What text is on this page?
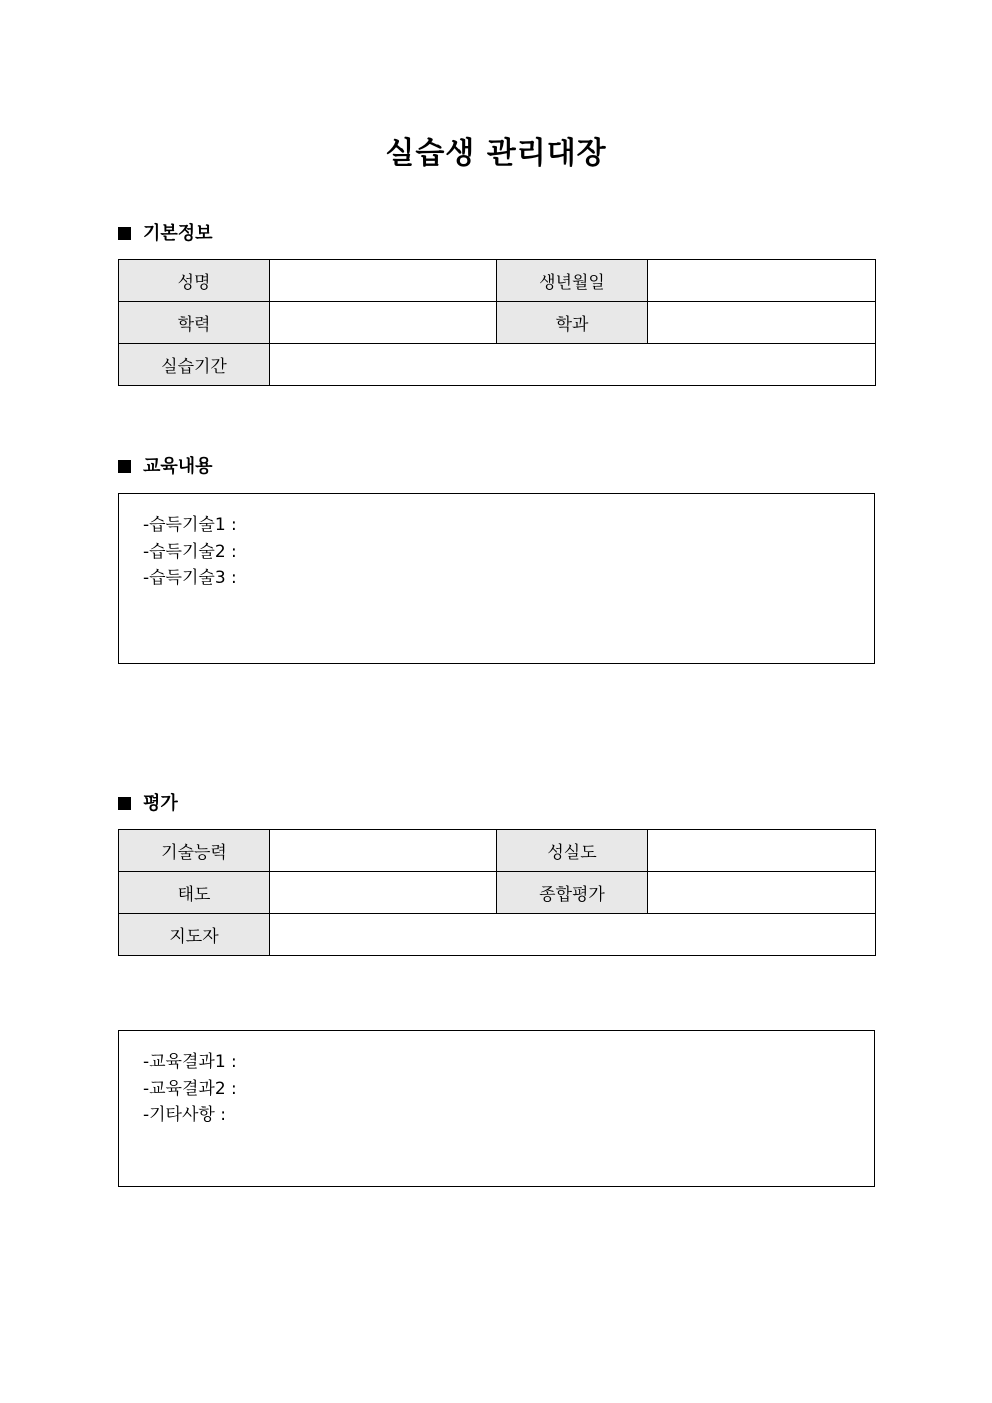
실습생 관리대장
기본정보
성명		생년월일	
학력		학과	
실습기간			
교육내용
-습득기술1 :
-습득기술2 :
-습득기술3 :
평가
기술능력		성실도	
태도		종합평가	
지도자			
-교육결과1 :
-교육결과2 :
-기타사항 :
